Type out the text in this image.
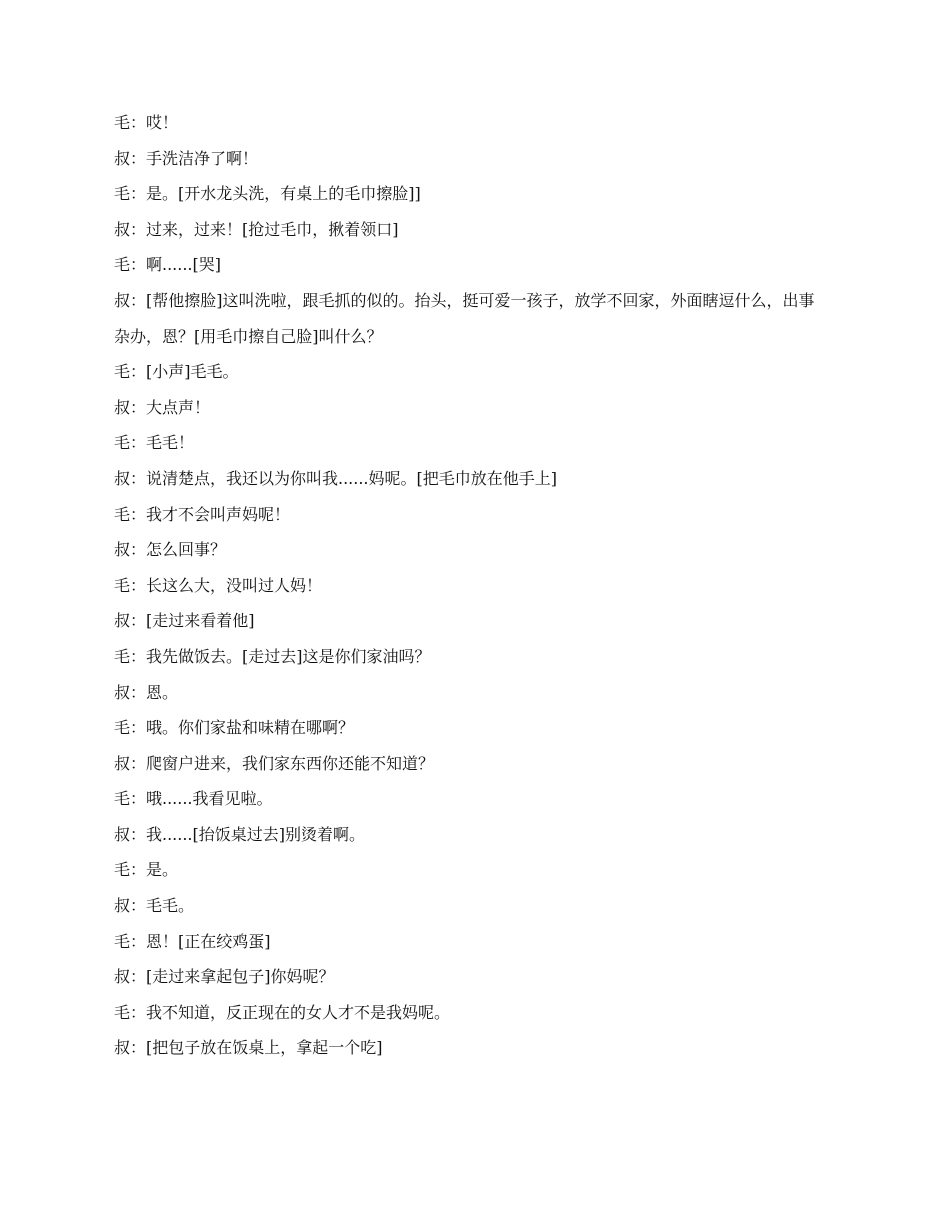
毛：哎！

叔：手洗洁净了啊！

毛：是。[开水龙头洗，有桌上的毛巾擦脸]]

叔：过来，过来！[抢过毛巾，揪着领口]

毛：啊......[哭]

叔：[帮他擦脸]这叫洗啦，跟毛抓的似的。抬头，挺可爱一孩子，放学不回家，外面瞎逗什么，出事

杂办，恩？[用毛巾擦自己脸]叫什么？

毛：[小声]毛毛。

叔：大点声！

毛：毛毛！

叔：说清楚点，我还以为你叫我......妈呢。[把毛巾放在他手上]

毛：我才不会叫声妈呢！

叔：怎么回事？

毛：长这么大，没叫过人妈！

叔：[走过来看着他]

毛：我先做饭去。[走过去]这是你们家油吗？

叔：恩。

毛：哦。你们家盐和味精在哪啊？

叔：爬窗户进来，我们家东西你还能不知道？

毛：哦......我看见啦。

叔：我......[抬饭桌过去]别烫着啊。

毛：是。

叔：毛毛。

毛：恩！[正在绞鸡蛋]

叔：[走过来拿起包子]你妈呢？

毛：我不知道，反正现在的女人才不是我妈呢。

叔：[把包子放在饭桌上，拿起一个吃]
